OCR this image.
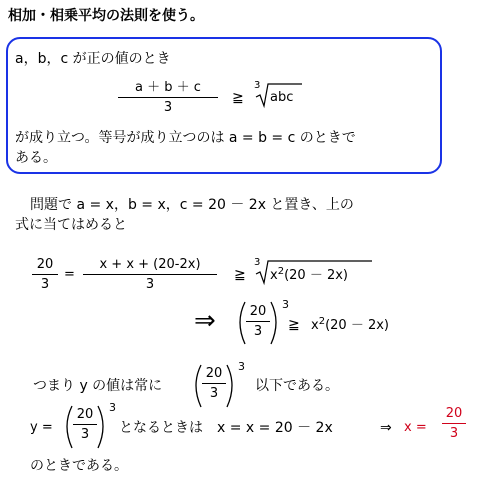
相加・相乗平均の法則を使う。
a，b，c が正の値のとき
a ＋ b ＋ c
3
≧
3
abc
が成り立つ。等号が成り立つのは a = b = c のときで
ある。
問題で a = x，b = x，c = 20 － 2x と置き、上の
式に当てはめると
20
3
=
x + x + (20-2x)
3
≧
3
$x^2(20 - 2x)$
⇒	20
3
3
≧ $x^2(20 - 2x)$
つまり y の値は常に
20
3
3
以下である。
y =
20
3
3
となるときは　x = x = 20 － 2x	⇒ x =
20
3
のときである。
